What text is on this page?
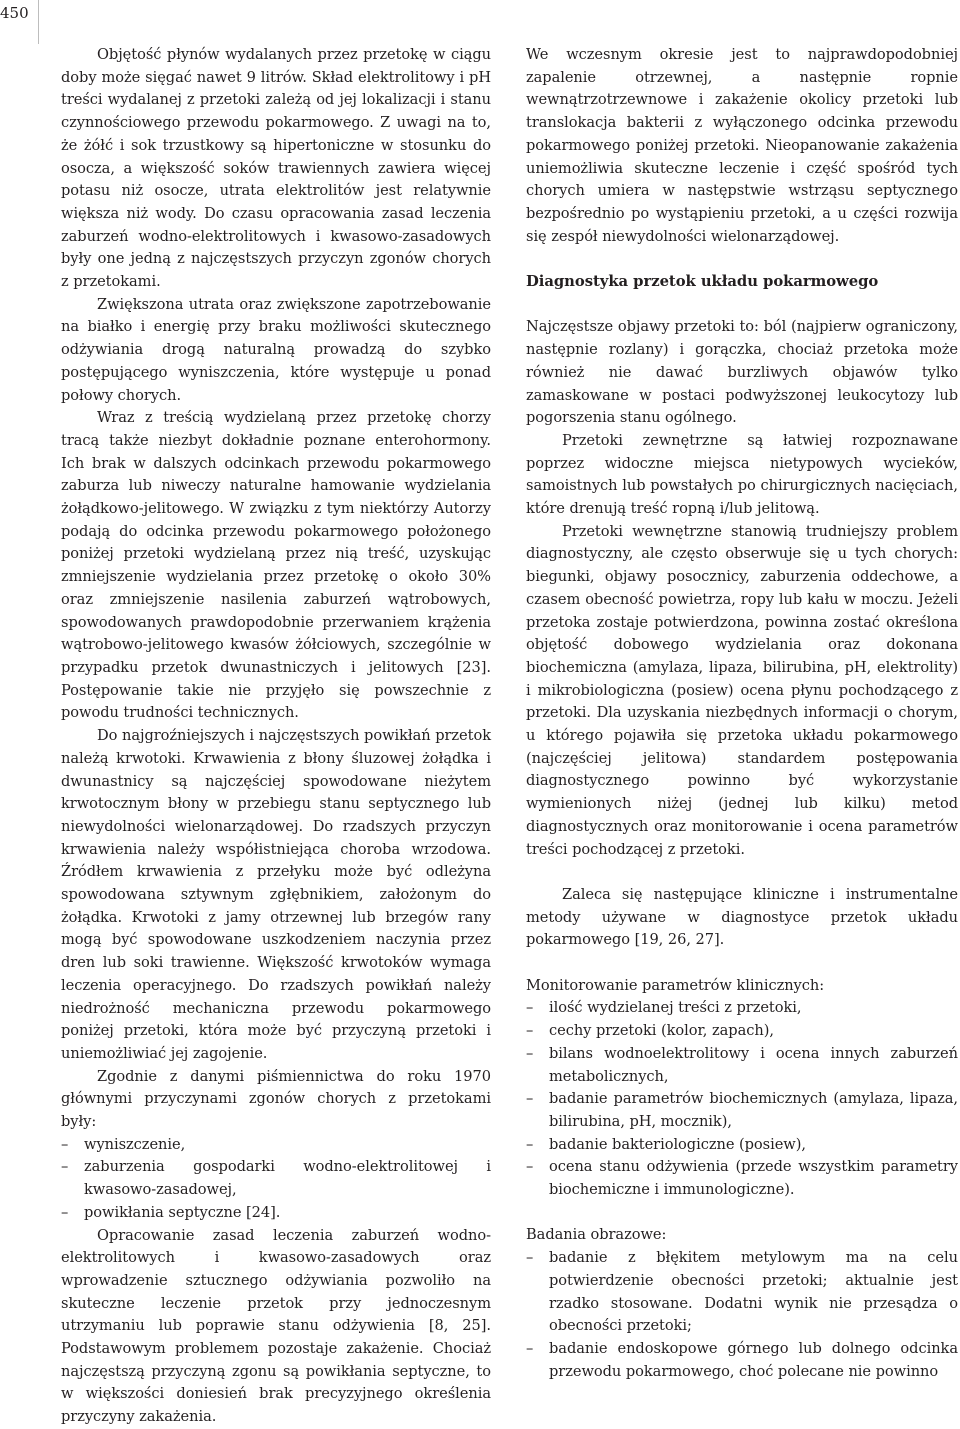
450

Objętość płynów wydalanych przez przetokę w ciągu doby może sięgać nawet 9 litrów. Skład elektrolitowy i pH treści wydalanej z przetoki zależą od jej lokalizacji i stanu czynnościowego przewodu pokarmowego. Z uwagi na to, że żółć i sok trzustkowy są hipertoniczne w stosunku do osocza, a większość soków trawiennych zawiera więcej potasu niż osocze, utrata elektrolitów jest relatywnie większa niż wody. Do czasu opracowania zasad leczenia zaburzeń wodno-elektrolitowych i kwasowo-zasadowych były one jedną z najczęstszych przyczyn zgonów chorych z przetokami.

Zwiększona utrata oraz zwiększone zapotrzebowanie na białko i energię przy braku możliwości skutecznego odżywiania drogą naturalną prowadzą do szybko postępującego wyniszczenia, które występuje u ponad połowy chorych.

Wraz z treścią wydzielaną przez przetokę chorzy tracą także niezbyt dokładnie poznane enterohormony. Ich brak w dalszych odcinkach przewodu pokarmowego zaburza lub niweczy naturalne hamowanie wydzielania żołądkowo-jelitowego. W związku z tym niektórzy Autorzy podają do odcinka przewodu pokarmowego położonego poniżej przetoki wydzielaną przez nią treść, uzyskując zmniejszenie wydzielania przez przetokę o około 30% oraz zmniejszenie nasilenia zaburzeń wątrobowych, spowodowanych prawdopodobnie przerwaniem krążenia wątrobowo-jelitowego kwasów żółciowych, szczególnie w przypadku przetok dwunastniczych i jelitowych [23]. Postępowanie takie nie przyjęło się powszechnie z powodu trudności technicznych.

Do najgroźniejszych i najczęstszych powikłań przetok należą krwotoki. Krwawienia z błony śluzowej żołądka i dwunastnicy są najczęściej spowodowane nieżytem krwotocznym błony w przebiegu stanu septycznego lub niewydolności wielonarządowej. Do rzadszych przyczyn krwawienia należy współistniejąca choroba wrzodowa. Źródłem krwawienia z przełyku może być odleżyna spowodowana sztywnym zgłębnikiem, założonym do żołądka. Krwotoki z jamy otrzewnej lub brzegów rany mogą być spowodowane uszkodzeniem naczynia przez dren lub soki trawienne. Większość krwotoków wymaga leczenia operacyjnego. Do rzadszych powikłań należy niedrożność mechaniczna przewodu pokarmowego poniżej przetoki, która może być przyczyną przetoki i uniemożliwiać jej zagojenie.

Zgodnie z danymi piśmiennictwa do roku 1970 głównymi przyczynami zgonów chorych z przetokami były:

– wyniszczenie,
– zaburzenia gospodarki wodno-elektrolitowej i kwasowo-zasadowej,
– powikłania septyczne [24].

Opracowanie zasad leczenia zaburzeń wodno-elektrolitowych i kwasowo-zasadowych oraz wprowadzenie sztucznego odżywiania pozwoliło na skuteczne leczenie przetok przy jednoczesnym utrzymaniu lub poprawie stanu odżywienia [8, 25]. Podstawowym problemem pozostaje zakażenie. Chociaż najczęstszą przyczyną zgonu są powikłania septyczne, to w większości doniesień brak precyzyjnego określenia przyczyny zakażenia.

We wczesnym okresie jest to najprawdopodobniej zapalenie otrzewnej, a następnie ropnie wewnątrzotrzewnowe i zakażenie okolicy przetoki lub translokacja bakterii z wyłączonego odcinka przewodu pokarmowego poniżej przetoki. Nieopanowanie zakażenia uniemożliwia skuteczne leczenie i część spośród tych chorych umiera w następstwie wstrząsu septycznego bezpośrednio po wystąpieniu przetoki, a u części rozwija się zespół niewydolności wielonarządowej.

Diagnostyka przetok układu pokarmowego

Najczęstsze objawy przetoki to: ból (najpierw ograniczony, następnie rozlany) i gorączka, chociaż przetoka może również nie dawać burzliwych objawów tylko zamaskowane w postaci podwyższonej leukocytozy lub pogorszenia stanu ogólnego.

Przetoki zewnętrzne są łatwiej rozpoznawane poprzez widoczne miejsca nietypowych wycieków, samoistnych lub powstałych po chirurgicznych nacięciach, które drenują treść ropną i/lub jelitową.

Przetoki wewnętrzne stanowią trudniejszy problem diagnostyczny, ale często obserwuje się u tych chorych: biegunki, objawy posocznicy, zaburzenia oddechowe, a czasem obecność powietrza, ropy lub kału w moczu. Jeżeli przetoka zostaje potwierdzona, powinna zostać określona objętość dobowego wydzielania oraz dokonana biochemiczna (amylaza, lipaza, bilirubina, pH, elektrolity) i mikrobiologiczna (posiew) ocena płynu pochodzącego z przetoki. Dla uzyskania niezbędnych informacji o chorym, u którego pojawiła się przetoka układu pokarmowego (najczęściej jelitowa) standardem postępowania diagnostycznego powinno być wykorzystanie wymienionych niżej (jednej lub kilku) metod diagnostycznych oraz monitorowanie i ocena parametrów treści pochodzącej z przetoki.

Zaleca się następujące kliniczne i instrumentalne metody używane w diagnostyce przetok układu pokarmowego [19, 26, 27].

Monitorowanie parametrów klinicznych:

– ilość wydzielanej treści z przetoki,
– cechy przetoki (kolor, zapach),
– bilans wodnoelektrolitowy i ocena innych zaburzeń metabolicznych,
– badanie parametrów biochemicznych (amylaza, lipaza, bilirubina, pH, mocznik),
– badanie bakteriologiczne (posiew),
– ocena stanu odżywienia (przede wszystkim parametry biochemiczne i immunologiczne).

Badania obrazowe:

– badanie z błękitem metylowym ma na celu potwierdzenie obecności przetoki; aktualnie jest rzadko stosowane. Dodatni wynik nie przesądza o obecności przetoki;
– badanie endoskopowe górnego lub dolnego odcinka przewodu pokarmowego, choć polecane nie powinno
